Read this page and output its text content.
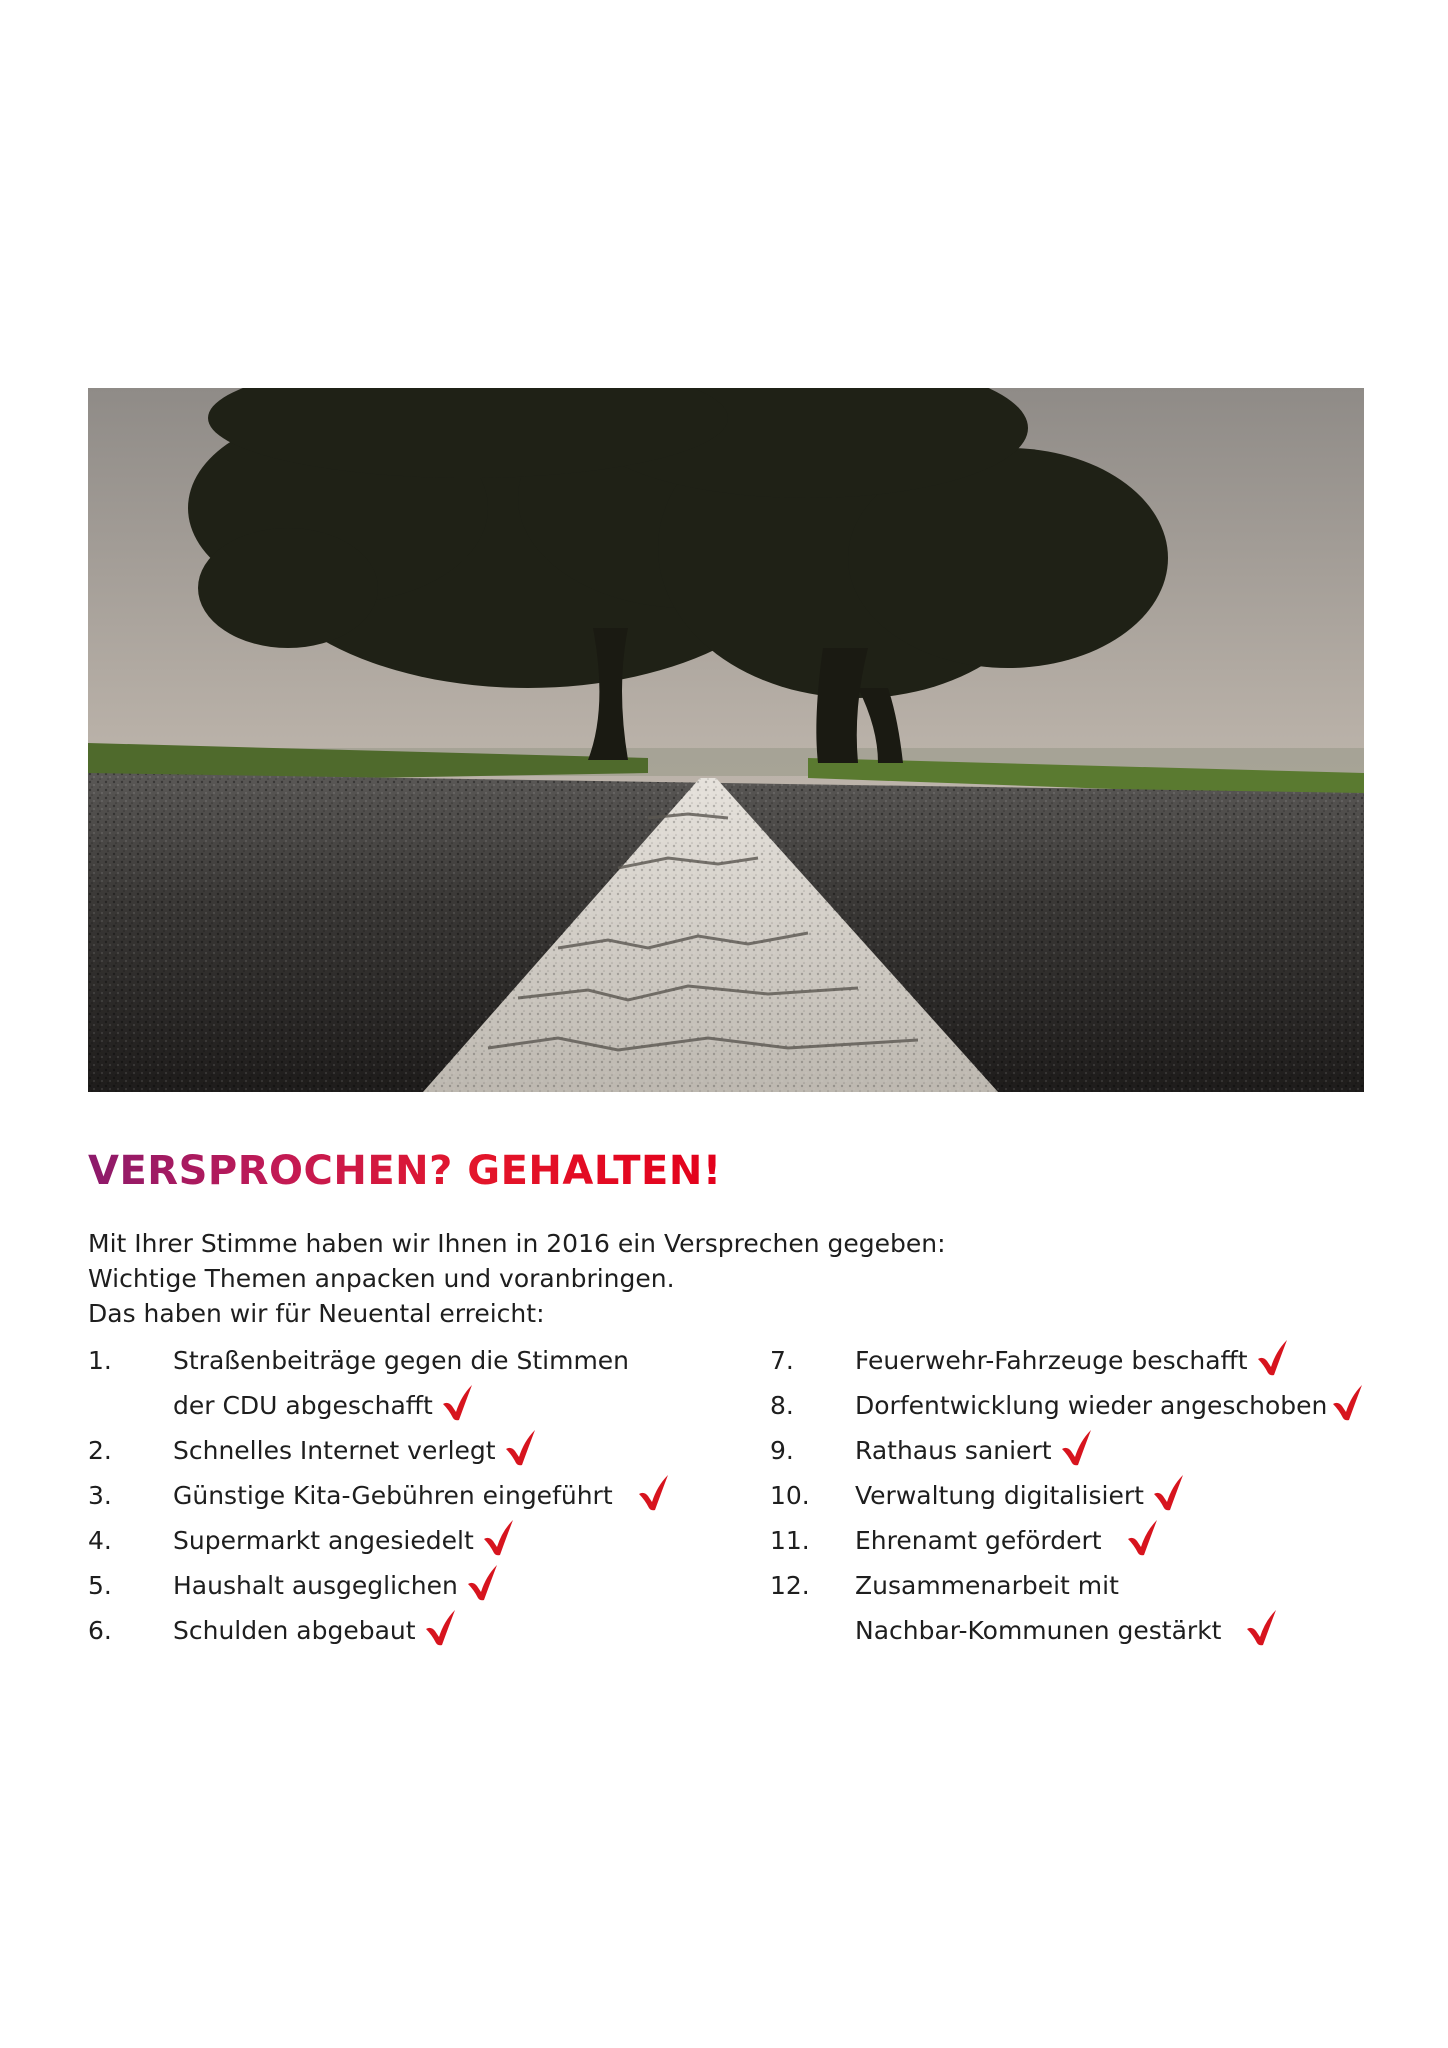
VERSPROCHEN? GEHALTEN!
Mit Ihrer Stimme haben wir Ihnen in 2016 ein Versprechen gegeben:
Wichtige Themen anpacken und voranbringen.
Das haben wir für Neuental erreicht:
1. Straßenbeiträge gegen die Stimmen
der CDU abgeschafft
2. Schnelles Internet verlegt
3. Günstige Kita-Gebühren eingeführt
4. Supermarkt angesiedelt
5. Haushalt ausgeglichen
6. Schulden abgebaut
7. Feuerwehr-Fahrzeuge beschafft
8. Dorfentwicklung wieder angeschoben
9. Rathaus saniert
10. Verwaltung digitalisiert
11. Ehrenamt gefördert
12. Zusammenarbeit mit
Nachbar-Kommunen gestärkt
